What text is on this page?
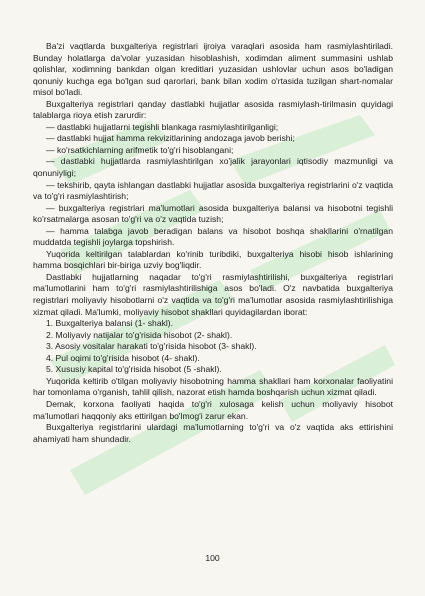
Ba'zi vaqtlarda buxgalteriya registrlari ijroiya varaqlari asosida ham rasmiylashtiriladi. Bunday holatlarga da'volar yuzasidan hisoblashish, xodimdan aliment summasini ushlab qolishlar, xodimning bankdan olgan kreditlari yuzasidan ushlovlar uchun asos bo'ladigan qonuniy kuchga ega bo'lgan sud qarorlari, bank bilan xodim o'rtasida tuzilgan shart-nomalar misol bo'ladi.

Buxgalteriya registrlari qanday dastlabki hujjatlar asosida rasmiylash-tirilmasin quyidagi talablarga rioya etish zarurdir:

— dastlabki hujjatlarni tegishli blankaga rasmiylashtirilganligi;

— dastlabki hujjat hamma rekvizitlarining andozaga javob berishi;

— ko'rsatkichlarning arifmetik to'g'ri hisoblangani;

— dastlabki hujjatlarda rasmiylashtirilgan xo'jalik jarayonlari iqtisodiy mazmunligi va qonuniyligi;

— tekshirib, qayta ishlangan dastlabki hujjatlar asosida buxgalteriya registrlarini o'z vaqtida va to'g'ri rasmiylashtirish;

— buxgalteriya registrlari ma'lumotlari asosida buxgalteriya balansi va hisobotni tegishli ko'rsatmalarga asosan to'g'ri va o'z vaqtida tuzish;

— hamma talabga javob beradigan balans va hisobot boshqa shakllarini o'rnatilgan muddatda tegishli joylarga topshirish.

Yuqorida keltirilgan talablardan ko'rinib turibdiki, buxgalteriya hisobi hisob ishlarining hamma bosqichlari bir-biriga uzviy bog'liqdir.

Dastlabki hujjatlarning naqadar to'g'ri rasmiylashtirilishi, buxgalteriya registrlari ma'lumotlarini ham to'g'ri rasmiylashtirilishiga asos bo'ladi. O'z navbatida buxgalteriya registrlari moliyaviy hisobotlarni o'z vaqtida va to'g'ri ma'lumotlar asosida rasmiylashtirilishiga xizmat qiladi. Ma'lumki, moliyaviy hisobot shakllari quyidagilardan iborat:

1. Buxgalteriya balansi (1- shakl).

2. Moliyaviy natijalar to'g'risida hisobot (2- shakl).

3. Asosiy vositalar harakati to'g'risida hisobot (3- shakl).

4. Pul oqimi to'g'risida hisobot (4- shakl).

5. Xususiy kapital to'g'risida hisobot (5 -shakl).

Yuqorida keltirib o'tilgan moliyaviy hisobotning hamma shakllari ham korxonalar faoliyatini har tomonlama o'rganish, tahlil qilish, nazorat etish hamda boshqarish uchun xizmat qiladi.

Demak, korxona faoliyati haqida to'g'ri xulosaga kelish uchun moliyaviy hisobot ma'lumotlari haqqoniy aks ettirilgan bo'lmog'i zarur ekan.

Buxgalteriya registrlarini ulardagi ma'lumotlarning to'g'ri va o'z vaqtida aks ettirishini ahamiyati ham shundadir.

100
